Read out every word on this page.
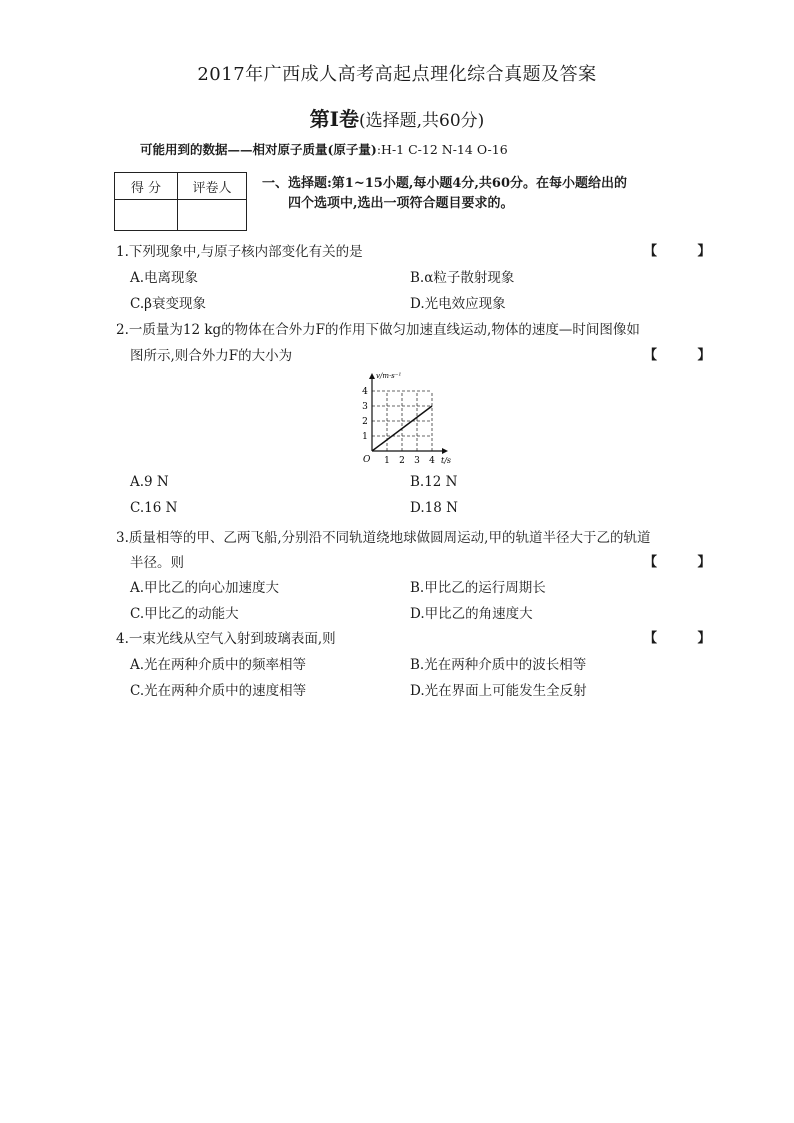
2017年广西成人高考高起点理化综合真题及答案
第Ⅰ卷(选择题,共60分)
可能用到的数据——相对原子质量(原子量):H-1 C-12 N-14 O-16
得 分	评卷人
	一、选择题:第1~15小题,每小题4分,共60分。在每小题给出的
四个选项中,选出一项符合题目要求的。
1.下列现象中,与原子核内部变化有关的是	【 】
A.电离现象	B.α粒子散射现象
C.β衰变现象	D.光电效应现象
2.一质量为12 kg的物体在合外力F的作用下做匀加速直线运动,物体的速度—时间图像如
图所示,则合外力F的大小为	【 】
1 2 3 4
1
2
3
4
O	t/s
v/m·s⁻¹
A.9 N	B.12 N
C.16 N	D.18 N
3.质量相等的甲、乙两飞船,分别沿不同轨道绕地球做圆周运动,甲的轨道半径大于乙的轨道
半径。则	【 】
A.甲比乙的向心加速度大	B.甲比乙的运行周期长
C.甲比乙的动能大	D.甲比乙的角速度大
4.一束光线从空气入射到玻璃表面,则	【 】
A.光在两种介质中的频率相等	B.光在两种介质中的波长相等
C.光在两种介质中的速度相等	D.光在界面上可能发生全反射
